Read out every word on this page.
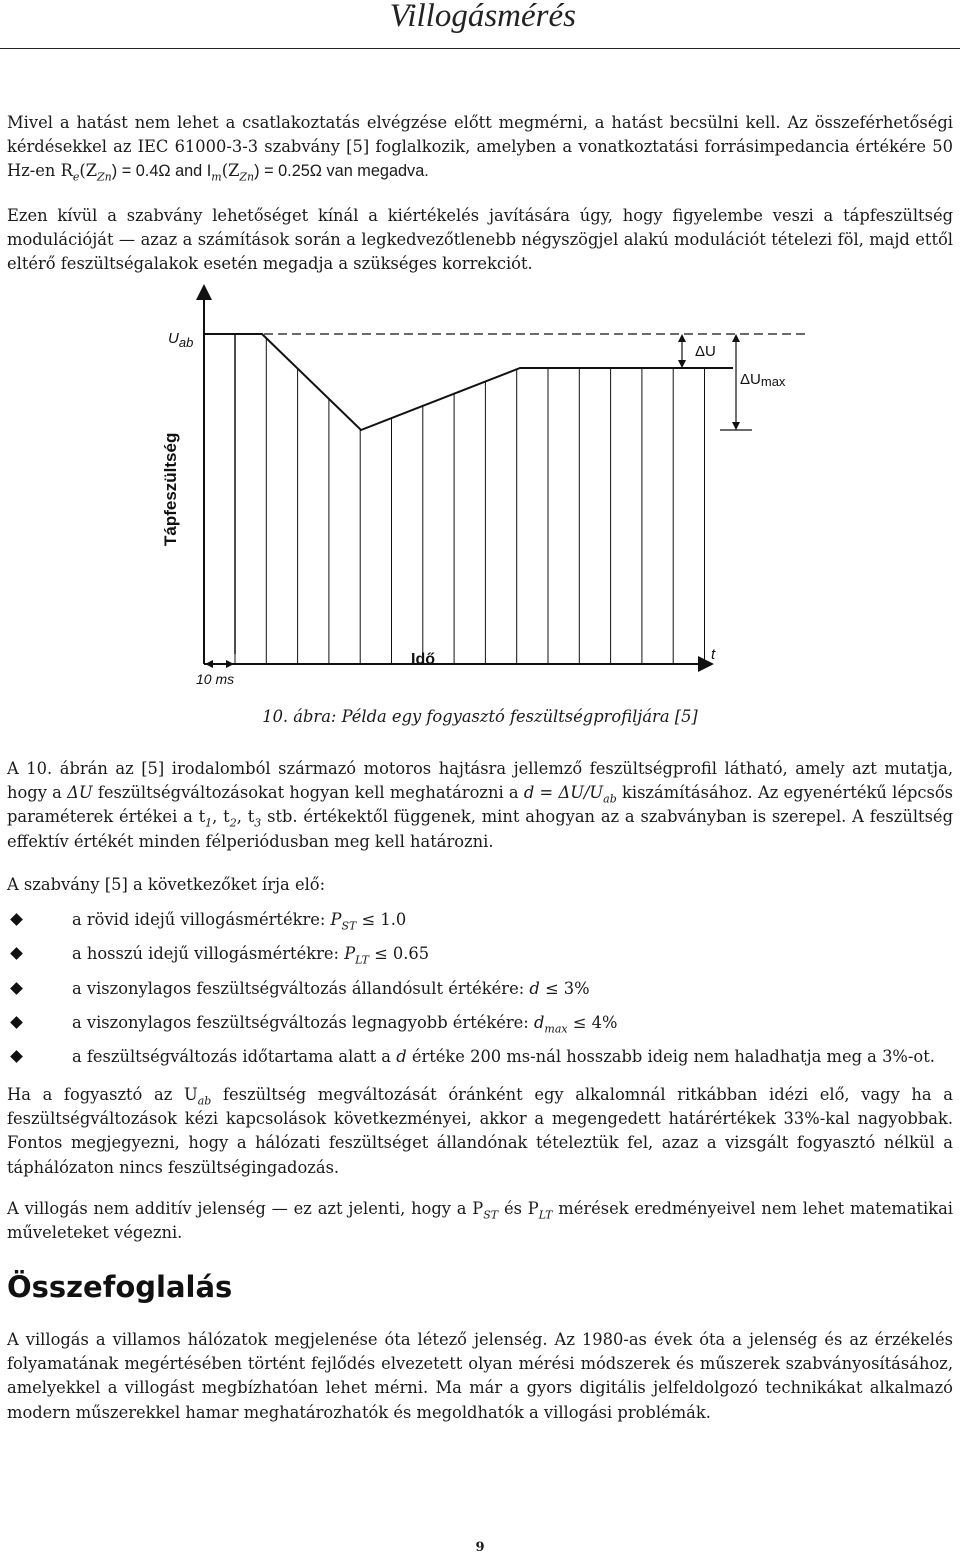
Villogásmérés

Mivel a hatást nem lehet a csatlakoztatás elvégzése előtt megmérni, a hatást becsülni kell. Az összeférhetőségi kérdésekkel az IEC 61000-3-3 szabvány [5] foglalkozik, amelyben a vonatkoztatási forrásimpedancia értékére 50 Hz-en $R_e(Z_{Zn}) = 0.4\Omega$ and $I_m(Z_{Zn}) = 0.25\Omega$ van megadva.

Ezen kívül a szabvány lehetőséget kínál a kiértékelés javítására úgy, hogy figyelembe veszi a tápfeszültség modulációját — azaz a számítások során a legkedvezőtlenebb négyszögjel alakú modulációt tételezi föl, majd ettől eltérő feszültségalakok esetén megadja a szükséges korrekciót.

Uab
Tápfeszültség
Idő	t
10 ms
ΔU
ΔUmax
10. ábra: Példa egy fogyasztó feszültségprofiljára [5]

A 10. ábrán az [5] irodalomból származó motoros hajtásra jellemző feszültségprofil látható, amely azt mutatja, hogy a ΔU feszültségváltozásokat hogyan kell meghatározni a $d = \Delta U/U_{ab}$ kiszámításához. Az egyenértékű lépcsős paraméterek értékei a $t_1$, $t_2$, $t_3$ stb. értékektől függenek, mint ahogyan az a szabványban is szerepel. A feszültség effektív értékét minden félperiódusban meg kell határozni.

A szabvány [5] a következőket írja elő:

a rövid idejű villogásmértékre: $P_{ST} \le 1.0$
a hosszú idejű villogásmértékre: $P_{LT} \le 0.65$
a viszonylagos feszültségváltozás állandósult értékére: d ≤ 3%
a viszonylagos feszültségváltozás legnagyobb értékére: $d_{max} \le 4\%$
a feszültségváltozás időtartama alatt a d értéke 200 ms-nál hosszabb ideig nem haladhatja meg a 3%-ot.

Ha a fogyasztó az $U_{ab}$ feszültség megváltozását óránként egy alkalomnál ritkábban idézi elő, vagy ha a feszültségváltozások kézi kapcsolások következményei, akkor a megengedett határértékek 33%-kal nagyobbak. Fontos megjegyezni, hogy a hálózati feszültséget állandónak tételeztük fel, azaz a vizsgált fogyasztó nélkül a táphálózaton nincs feszültségingadozás.

A villogás nem additív jelenség — ez azt jelenti, hogy a $P_{ST}$ és $P_{LT}$ mérések eredményeivel nem lehet matematikai műveleteket végezni.

Összefoglalás

A villogás a villamos hálózatok megjelenése óta létező jelenség. Az 1980-as évek óta a jelenség és az érzékelés folyamatának megértésében történt fejlődés elvezetett olyan mérési módszerek és műszerek szabványosításához, amelyekkel a villogást megbízhatóan lehet mérni. Ma már a gyors digitális jelfeldolgozó technikákat alkalmazó modern műszerekkel hamar meghatározhatók és megoldhatók a villogási problémák.

9
